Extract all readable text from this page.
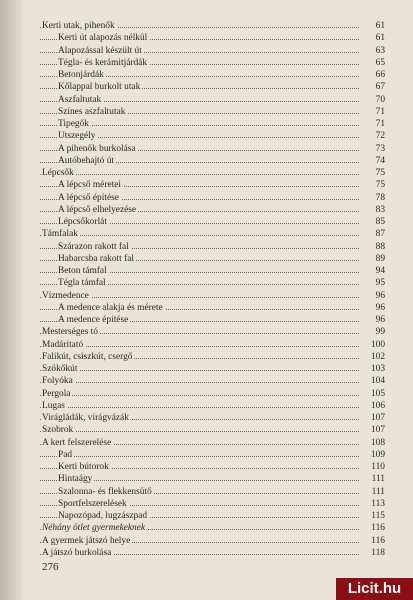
Kerti utak, pihenők	61
Kerti út alapozás nélkül	61
Alapozással készült út	63
Tégla- és kerámitjárdák	65
Betonjárdák	66
Kőlappal burkolt utak	67
Aszfaltutak	70
Színes aszfaltutak	71
Tipegők	71
Utszegély	72
A pihenők burkolása	73
Autóbehajtó út	74
Lépcsők	75
A lépcső méretei	75
A lépcső építése	78
A lépcső elhelyezése	83
Lépcsőkorlát	85
Támfalak	87
Szárazon rakott fal	88
Habarcsba rakott fal	89
Beton támfal	94
Tégla támfal	95
Vízmedence	96
A medence alakja és mérete	96
A medence építése	96
Mesterséges tó	99
Madáritató	100
Falikút, csiszkút, csergő	102
Szökőkút	103
Folyóka	104
Pergola	105
Lugas	106
Virágládák, virágvázák	107
Szobrok	107
A kert felszerelése	108
Pad	109
Kerti bútorok	110
Hintaágy	111
Szalonna- és flekkensütő	111
Sportfelszerelések	113
Napozópad, lugzászpad	115
Néhány ötlet gyermekeknek	116
A gyermek játszó helye	116
A játszó burkolása	118
276
Licit.hu
